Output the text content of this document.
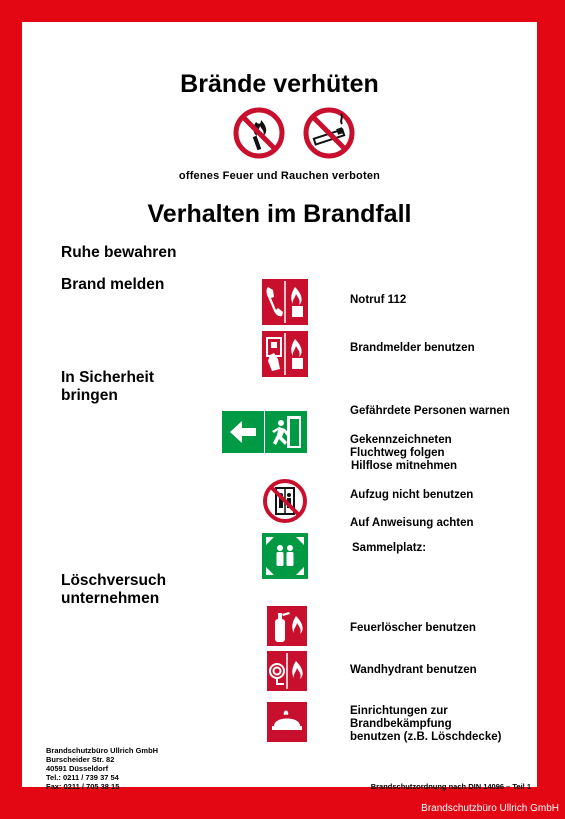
Brände verhüten
offenes Feuer und Rauchen verboten
Verhalten im Brandfall
Ruhe bewahren
Brand melden
In Sicherheit
bringen
Löschversuch
unternehmen
Notruf 112
Brandmelder benutzen
Gefährdete Personen warnen
Gekennzeichneten
Fluchtweg folgen
Hilflose mitnehmen
Aufzug nicht benutzen
Auf Anweisung achten
Sammelplatz:
Feuerlöscher benutzen
Wandhydrant benutzen
Einrichtungen zur
Brandbekämpfung
benutzen (z.B. Löschdecke)
Brandschutzbüro Ullrich GmbH
Burscheider Str. 82
40591 Düsseldorf
Tel.: 0211 / 739 37 54
Fax: 0211 / 705 38 15	Brandschutzordnung nach DIN 14096 – Teil 1
Brandschutzbüro Ullrich GmbH
